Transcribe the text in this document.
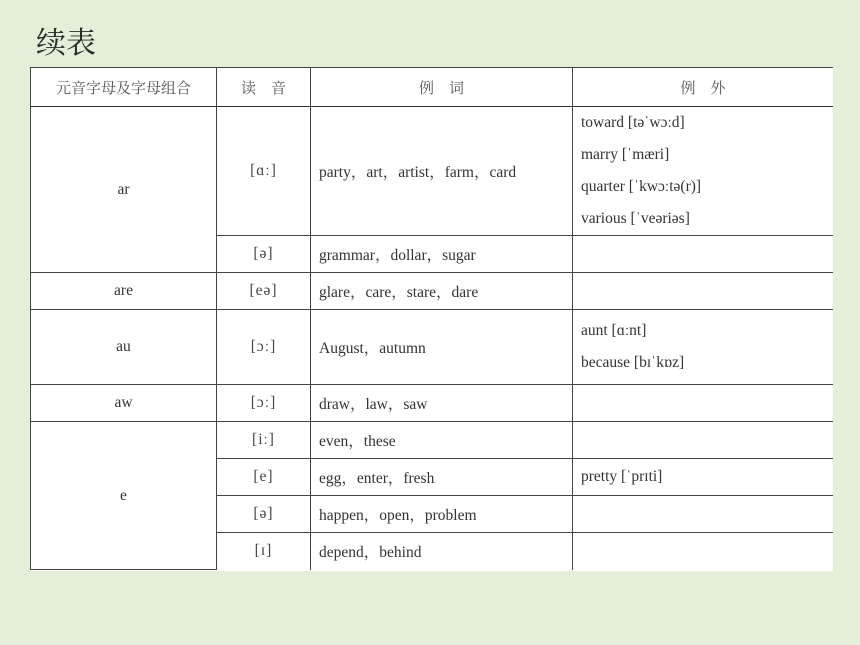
续表
元音字母及字母组合	读　音	例　词	例　外
ar	[ɑː]	party，art，artist，farm，card	toward [təˈwɔːd]
marry [ˈmæri]
quarter [ˈkwɔːtə(r)]
various [ˈveəriəs]

	[ə]	grammar，dollar，sugar	
are	[eə]	glare，care，stare，dare	
au	[ɔː]	August，autumn	aunt [ɑːnt]
because [bɪˈkɒz]

aw	[ɔː]	draw，law，saw	
e	[iː]	even，these	
	[e]	egg，enter，fresh	pretty [ˈprɪti]

	[ə]	happen，open，problem	
	[ɪ]	depend，behind	
